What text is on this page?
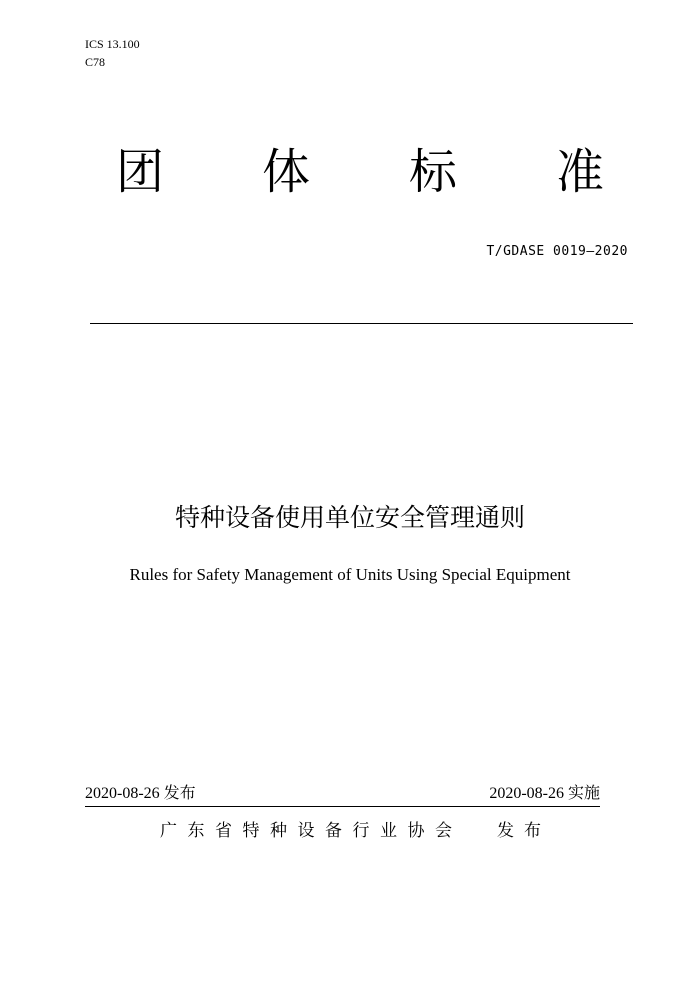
ICS 13.100
C78
团 体 标 准
T/GDASE 0019—2020
特种设备使用单位安全管理通则
Rules for Safety Management of Units Using Special Equipment
2020-08-26 发布	2020-08-26 实施
广东省特种设备行业协会 发布
